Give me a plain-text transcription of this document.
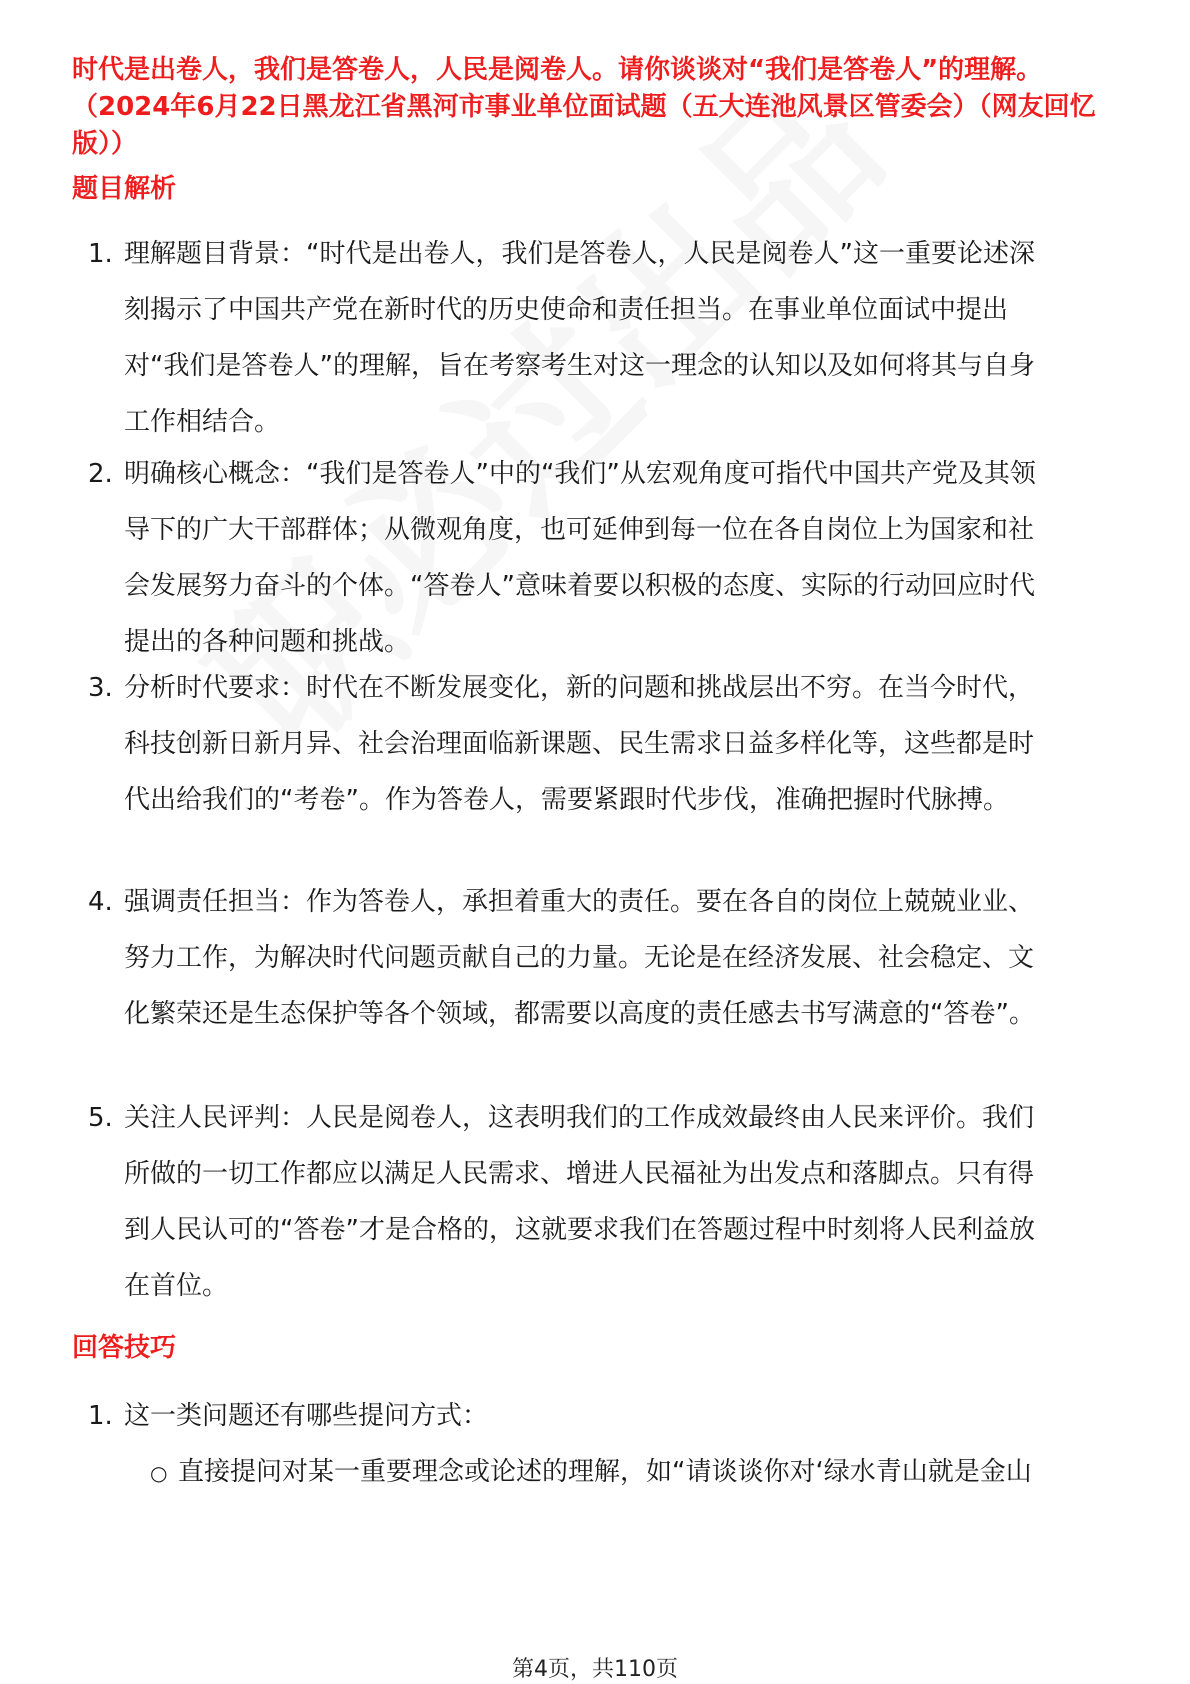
时代是出卷人，我们是答卷人，人民是阅卷人。请你谈谈对“我们是答卷人”的理解。（2024年6月22日黑龙江省黑河市事业单位面试题（五大连池风景区管委会）（网友回忆版））
题目解析
1. 理解题目背景：“时代是出卷人，我们是答卷人，人民是阅卷人”这一重要论述深刻揭示了中国共产党在新时代的历史使命和责任担当。在事业单位面试中提出对“我们是答卷人”的理解，旨在考察考生对这一理念的认知以及如何将其与自身工作相结合。
2. 明确核心概念：“我们是答卷人”中的“我们”从宏观角度可指代中国共产党及其领导下的广大干部群体；从微观角度，也可延伸到每一位在各自岗位上为国家和社会发展努力奋斗的个体。“答卷人”意味着要以积极的态度、实际的行动回应时代提出的各种问题和挑战。
3. 分析时代要求：时代在不断发展变化，新的问题和挑战层出不穷。在当今时代，科技创新日新月异、社会治理面临新课题、民生需求日益多样化等，这些都是时代出给我们的“考卷”。作为答卷人，需要紧跟时代步伐，准确把握时代脉搏。
4. 强调责任担当：作为答卷人，承担着重大的责任。要在各自的岗位上兢兢业业、努力工作，为解决时代问题贡献自己的力量。无论是在经济发展、社会稳定、文化繁荣还是生态保护等各个领域，都需要以高度的责任感去书写满意的“答卷”。
5. 关注人民评判：人民是阅卷人，这表明我们的工作成效最终由人民来评价。我们所做的一切工作都应以满足人民需求、增进人民福祉为出发点和落脚点。只有得到人民认可的“答卷”才是合格的，这就要求我们在答题过程中时刻将人民利益放在首位。
回答技巧
1. 这一类问题还有哪些提问方式：
○ 直接提问对某一重要理念或论述的理解，如“请谈谈你对‘绿水青山就是金山
第4页，共110页
